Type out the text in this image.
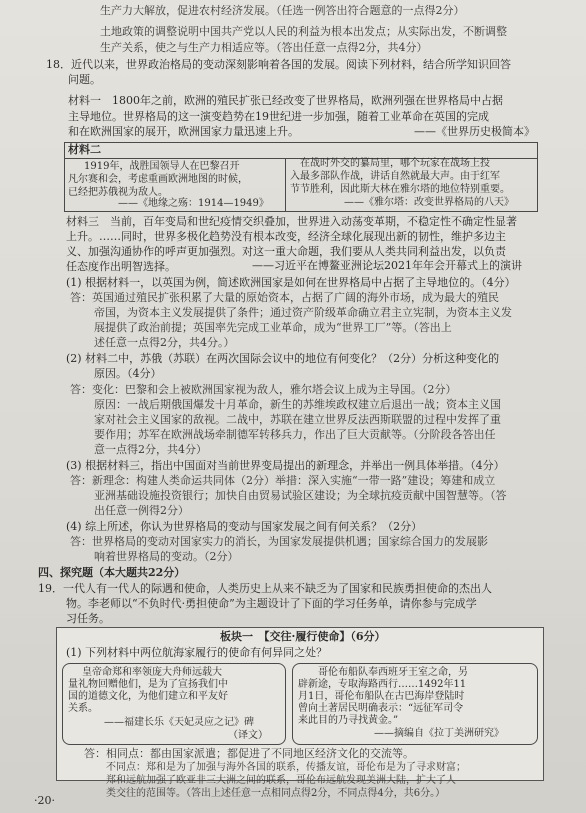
生产力大解放，促进农村经济发展。（任选一例答出符合题意的一点得2分）
土地政策的调整说明中国共产党以人民的利益为根本出发点；从实际出发，不断调整
生产关系，使之与生产力相适应等。（答出任意一点得2分，共4分）
18．近代以来，世界政治格局的变动深刻影响着各国的发展。阅读下列材料，结合所学知识回答
问题。
材料一　1800年之前，欧洲的殖民扩张已经改变了世界格局，欧洲列强在世界格局中占据
主导地位。世界格局的这一演变趋势在19世纪进一步加强，随着工业革命在英国的完成
和在欧洲国家的展开，欧洲国家力量迅速上升。	——《世界历史极简本》
材料二
1919年，战胜国领导人在巴黎召开
凡尔赛和会，考虑重画欧洲地图的时候，
已经把苏俄视为敌人。
——《地缘之殇：1914—1949》
在战时外交的纂局里，哪个玩家在战场上投
入最多部队作战，讲话自然就最大声。由于红军
节节胜利，因此斯大林在雅尔塔的地位特别重要。
——《雅尔塔：改变世界格局的八天》
材料三　当前，百年变局和世纪疫情交织叠加，世界进入动荡变革期，不稳定性不确定性显著
上升。……同时，世界多极化趋势没有根本改变，经济全球化展现出新的韧性，维护多边主
义、加强沟通协作的呼声更加强烈。对这一重大命题，我们要从人类共同利益出发，以负责
任态度作出明智选择。	——习近平在博鳌亚洲论坛2021年年会开幕式上的演讲
(1) 根据材料一，以英国为例，简述欧洲国家是如何在世界格局中占据了主导地位的。（4分）
答：英国通过殖民扩张积累了大量的原始资本，占据了广阔的海外市场，成为最大的殖民
帝国，为资本主义发展提供了条件；通过资产阶级革命确立君主立宪制，为资本主义发
展提供了政治前提；英国率先完成工业革命，成为“世界工厂”等。（答出上
述任意一点得2分，共4分。）
(2) 材料二中，苏俄（苏联）在两次国际会议中的地位有何变化？（2分）分析这种变化的
原因。（4分）
答：变化：巴黎和会上被欧洲国家视为敌人，雅尔塔会议上成为主导国。（2分）
原因：一战后期俄国爆发十月革命，新生的苏维埃政权建立后退出一战；资本主义国
家对社会主义国家的敌视。二战中，苏联在建立世界反法西斯联盟的过程中发挥了重
要作用；苏军在欧洲战场牵制德军转移兵力，作出了巨大贡献等。（分阶段各答出任
意一点得2分，共4分）
(3) 根据材料三，指出中国面对当前世界变局提出的新理念，并举出一例具体举措。（4分）
答：新理念：构建人类命运共同体（2分）举措：深入实施“一带一路”建设；筹建和成立
亚洲基础设施投资银行；加快自由贸易试验区建设；为全球抗疫贡献中国智慧等。（答
出任意一例得2分）
(4) 综上所述，你认为世界格局的变动与国家发展之间有何关系？（2分）
答：世界格局的变动对国家实力的消长，为国家发展提供机遇；国家综合国力的发展影
响着世界格局的变动。（2分）
四、探究题（本大题共22分）
19．一代人有一代人的际遇和使命，人类历史上从来不缺乏为了国家和民族勇担使命的杰出人
物。李老师以“不负时代·勇担使命”为主题设计了下面的学习任务单，请你参与完成学
习任务。
板块一　【交往·履行使命】（6分）
(1) 下列材料中两位航海家履行的使命有何异同之处？
皇帝命郑和率领庞大舟师远载大
量礼物回赠他们，是为了宣扬我们中
国的道德文化，为他们建立和平友好
关系。
——福建长乐《天妃灵应之记》碑
（译文）
哥伦布船队奉西班牙王室之命，另
辟新途，专取海路西行……1492年11
月1日，哥伦布船队在古巴海岸登陆时
曾向土著居民明确表示：“远征军司令
来此目的乃寻找黄金。”
——摘编自《拉丁美洲研究》
答：相同点：都由国家派遣；都促进了不同地区经济文化的交流等。
不同点：郑和是为了加强与海外各国的联系，传播友谊，哥伦布是为了寻求财富；
郑和远航加强了欧亚非三大洲之间的联系，哥伦布远航发现美洲大陆，扩大了人
类交往的范围等。（答出上述任意一点相同点得2分，不同点得4分，共6分。）
·20·
